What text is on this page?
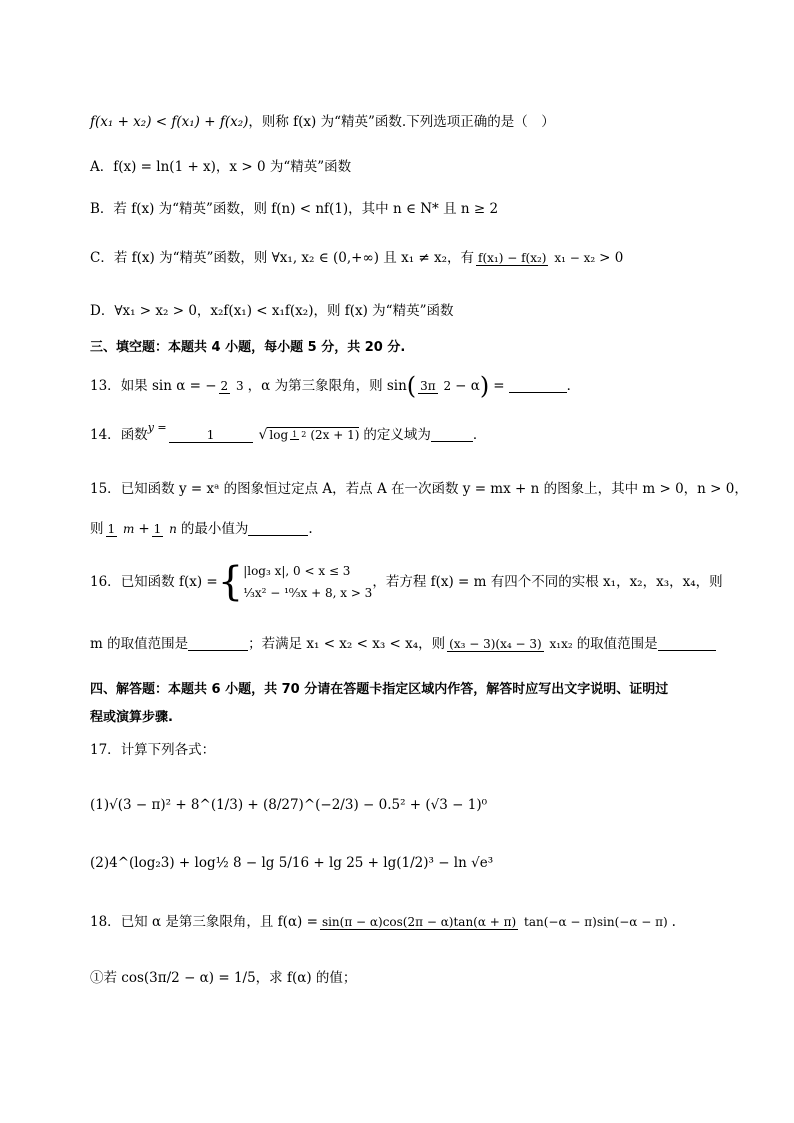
f(x₁ + x₂) < f(x₁) + f(x₂) ，则称 f(x) 为“精英”函数.下列选项正确的是（　）
A． f(x) = ln(1 + x)，x > 0 为“精英”函数
B． 若 f(x) 为“精英”函数，则 f(n) < nf(1)，其中 n ∈ N* 且 n ≥ 2
C． 若 f(x) 为“精英”函数，则 ∀x₁, x₂ ∈ (0,+∞) 且 x₁ ≠ x₂，有 f(x₁) − f(x₂) x₁ − x₂ > 0
D． ∀x₁ > x₂ > 0，x₂f(x₁) < x₁f(x₂)，则 f(x) 为“精英”函数
三、填空题：本题共 4 小题，每小题 5 分，共 20 分.
13． 如果 sin α = − 2 3 ，α 为第三象限角，则 sin ( 3π 2 − α ) =	．
14． 函数 y =
1	√ log 1 2 (2x + 1) 的定义域为	．
15． 已知函数 y = xᵃ 的图象恒过定点 A，若点 A 在一次函数 y = mx + n 的图象上，其中 m > 0，n > 0，
则 1 m + 1 n 的最小值为	.
16． 已知函数 f(x) = { |log₃ x|, 0 < x ≤ 3
⅓x² − ¹⁰⁄₃x + 8, x > 3
，若方程 f(x) = m 有四个不同的实根 x₁，x₂，x₃，x₄，则
m 的取值范围是	；若满足 x₁ < x₂ < x₃ < x₄，则 (x₃ − 3)(x₄ − 3) x₁x₂ 的取值范围是
四、解答题：本题共 6 小题，共 70 分请在答题卡指定区域内作答，解答时应写出文字说明、证明过
程或演算步骤.
17． 计算下列各式：
(1)√(3 − π)² + 8^(1/3) + (8/27)^(−2/3) − 0.5² + (√3 − 1)⁰
(2)4^(log₂3) + log½ 8 − lg 5/16 + lg 25 + lg(1/2)³ − ln √e³
18． 已知 α 是第三象限角，且 f(α) = sin(π − α)cos(2π − α)tan(α + π) tan(−α − π)sin(−α − π) .
①若 cos(3π/2 − α) = 1/5，求 f(α) 的值；
